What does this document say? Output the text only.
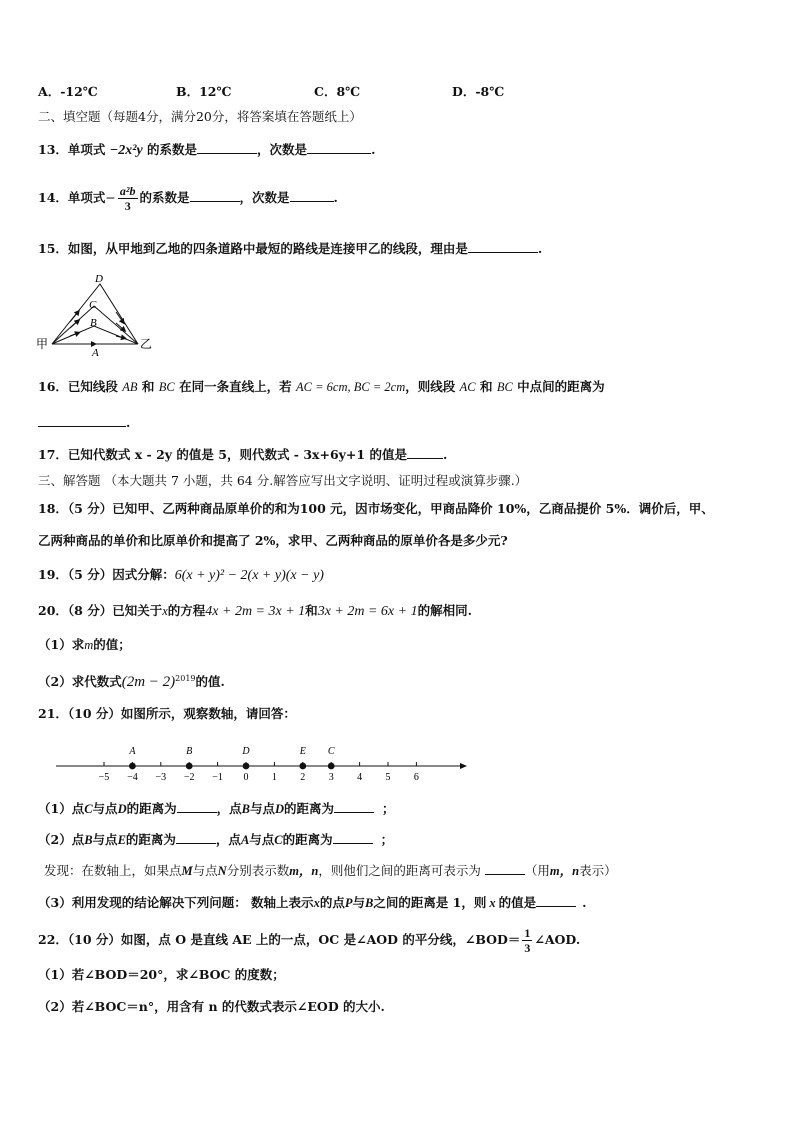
A．-12℃	B．12℃	C．8℃	D．-8℃
二、填空题（每题4分，满分20分，将答案填在答题纸上）
13．单项式 −2x²y 的系数是	，次数是	.
14．单项式− $\frac{\text{a²b}}{3}$ 的系数是	，次数是	.
15．如图，从甲地到乙地的四条道路中最短的路线是连接甲乙的线段，理由是	.
甲	乙
D
C
B
A
16．已知线段 AB 和 BC 在同一条直线上，若 AC = 6cm, BC = 2cm，则线段 AC 和 BC 中点间的距离为
.
17．已知代数式 x - 2y 的值是 5，则代数式 - 3x+6y+1 的值是	.
三、解答题 （本大题共 7 小题，共 64 分.解答应写出文字说明、证明过程或演算步骤.）
18．（5 分）已知甲、乙两种商品原单价的和为100 元，因市场变化，甲商品降价 10%，乙商品提价 5%．调价后，甲、
乙两种商品的单价和比原单价和提高了 2%，求甲、乙两种商品的原单价各是多少元?
19．（5 分）因式分解：6(x + y)² − 2(x + y)(x − y)
20．（8 分）已知关于x的方程4x + 2m = 3x + 1和3x + 2m = 6x + 1的解相同.
（1）求m的值；
（2）求代数式$(2m - 2)^{2019}$的值.
21．（10 分）如图所示，观察数轴，请回答：
−5 −4 −3 −2 −1 0 1 2 3 4 5 6
A	B	D	E C
（1）点C与点D的距离为	，点B与点D的距离为	；
（2）点B与点E的距离为	，点A与点C的距离为	；
发现：在数轴上，如果点M与点N分别表示数m，n，则他们之间的距离可表示为	（用m，n表示）
（3）利用发现的结论解决下列问题： 数轴上表示x的点P与B之间的距离是 1，则 x 的值是	.
22．（10 分）如图，点 O 是直线 AE 上的一点，OC 是∠AOD 的平分线，∠BOD＝ $\frac{1}{3}$ ∠AOD.
（1）若∠BOD＝20°，求∠BOC 的度数；
（2）若∠BOC＝n°，用含有 n 的代数式表示∠EOD 的大小.
